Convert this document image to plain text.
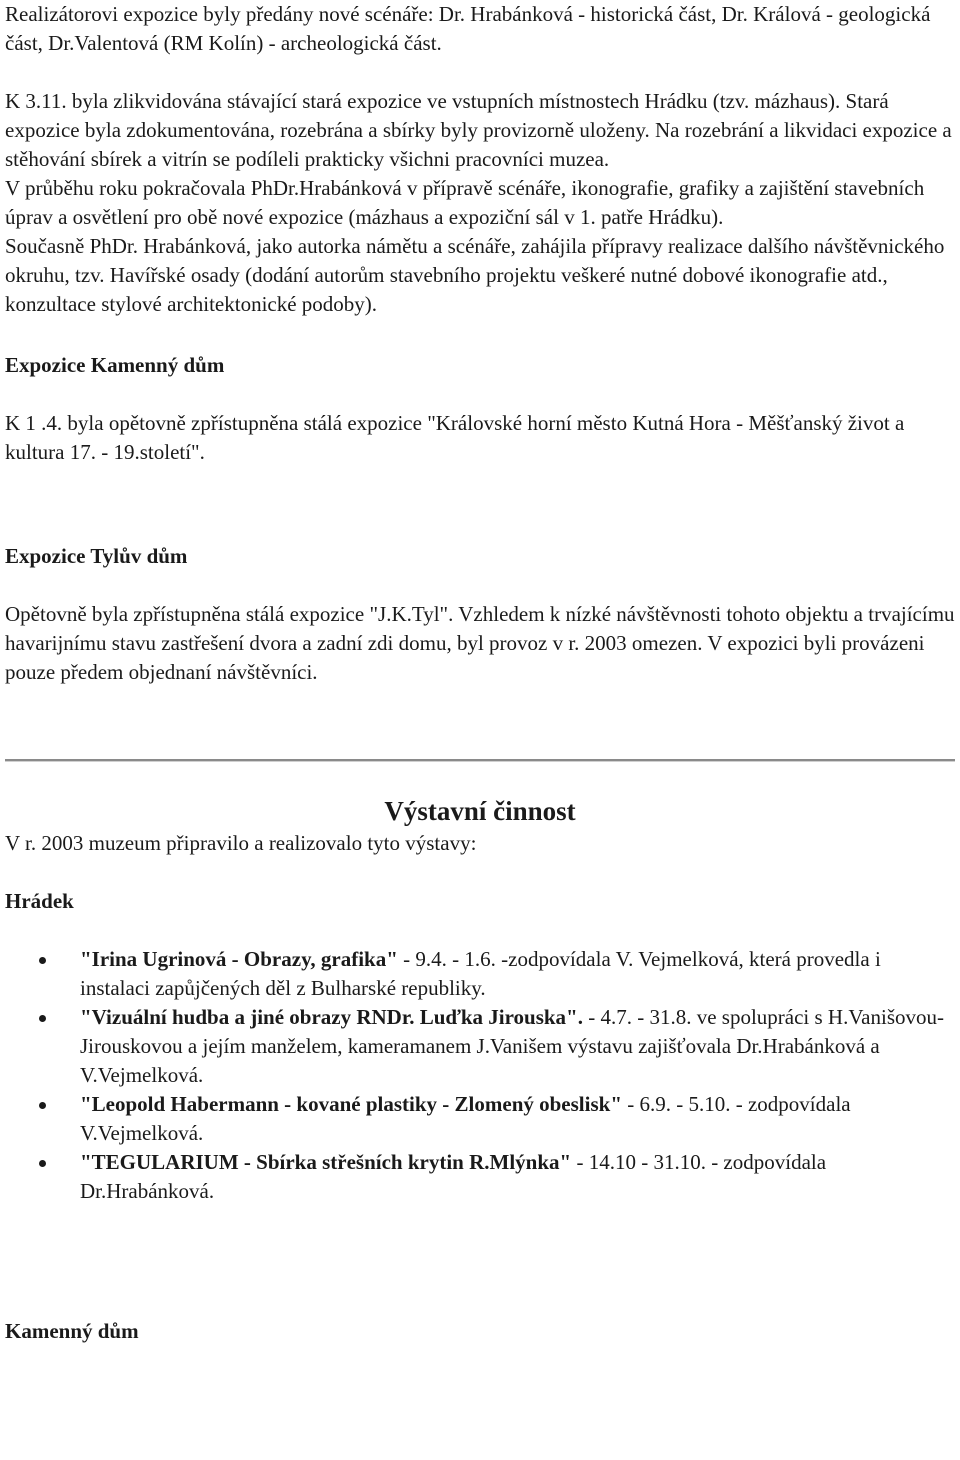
Realizátorovi expozice byly předány nové scénáře: Dr. Hrabánková - historická část, Dr. Králová - geologická část, Dr.Valentová (RM Kolín) - archeologická část.

K 3.11. byla zlikvidována stávající stará expozice ve vstupních místnostech Hrádku (tzv. mázhaus). Stará expozice byla zdokumentována, rozebrána a sbírky byly provizorně uloženy. Na rozebrání a likvidaci expozice a stěhování sbírek a vitrín se podíleli prakticky všichni pracovníci muzea.

V průběhu roku pokračovala PhDr.Hrabánková v přípravě scénáře, ikonografie, grafiky a zajištění stavebních úprav a osvětlení pro obě nové expozice (mázhaus a expoziční sál v 1. patře Hrádku).

Současně PhDr. Hrabánková, jako autorka námětu a scénáře, zahájila přípravy realizace dalšího návštěvnického okruhu, tzv. Havířské osady (dodání autorům stavebního projektu veškeré nutné dobové ikonografie atd., konzultace stylové architektonické podoby).

Expozice Kamenný dům

K 1 .4. byla opětovně zpřístupněna stálá expozice "Královské horní město Kutná Hora - Měšťanský život a kultura 17. - 19.století".

Expozice Tylův dům

Opětovně byla zpřístupněna stálá expozice "J.K.Tyl". Vzhledem k nízké návštěvnosti tohoto objektu a trvajícímu havarijnímu stavu zastřešení dvora a zadní zdi domu, byl provoz v r. 2003 omezen. V expozici byli provázeni pouze předem objednaní návštěvníci.

Výstavní činnost

V r. 2003 muzeum připravilo a realizovalo tyto výstavy:

Hrádek

"Irina Ugrinová - Obrazy, grafika" - 9.4. - 1.6. -zodpovídala V. Vejmelková, která provedla i instalaci zapůjčených děl z Bulharské republiky.
"Vizuální hudba a jiné obrazy RNDr. Luďka Jirouska". - 4.7. - 31.8. ve spolupráci s H.Vanišovou-Jirouskovou a jejím manželem, kameramanem J.Vanišem výstavu zajišťovala Dr.Hrabánková a V.Vejmelková.
"Leopold Habermann - kované plastiky - Zlomený obeslisk" - 6.9. - 5.10. - zodpovídala V.Vejmelková.
"TEGULARIUM - Sbírka střešních krytin R.Mlýnka" - 14.10 - 31.10. - zodpovídala Dr.Hrabánková.

Kamenný dům
